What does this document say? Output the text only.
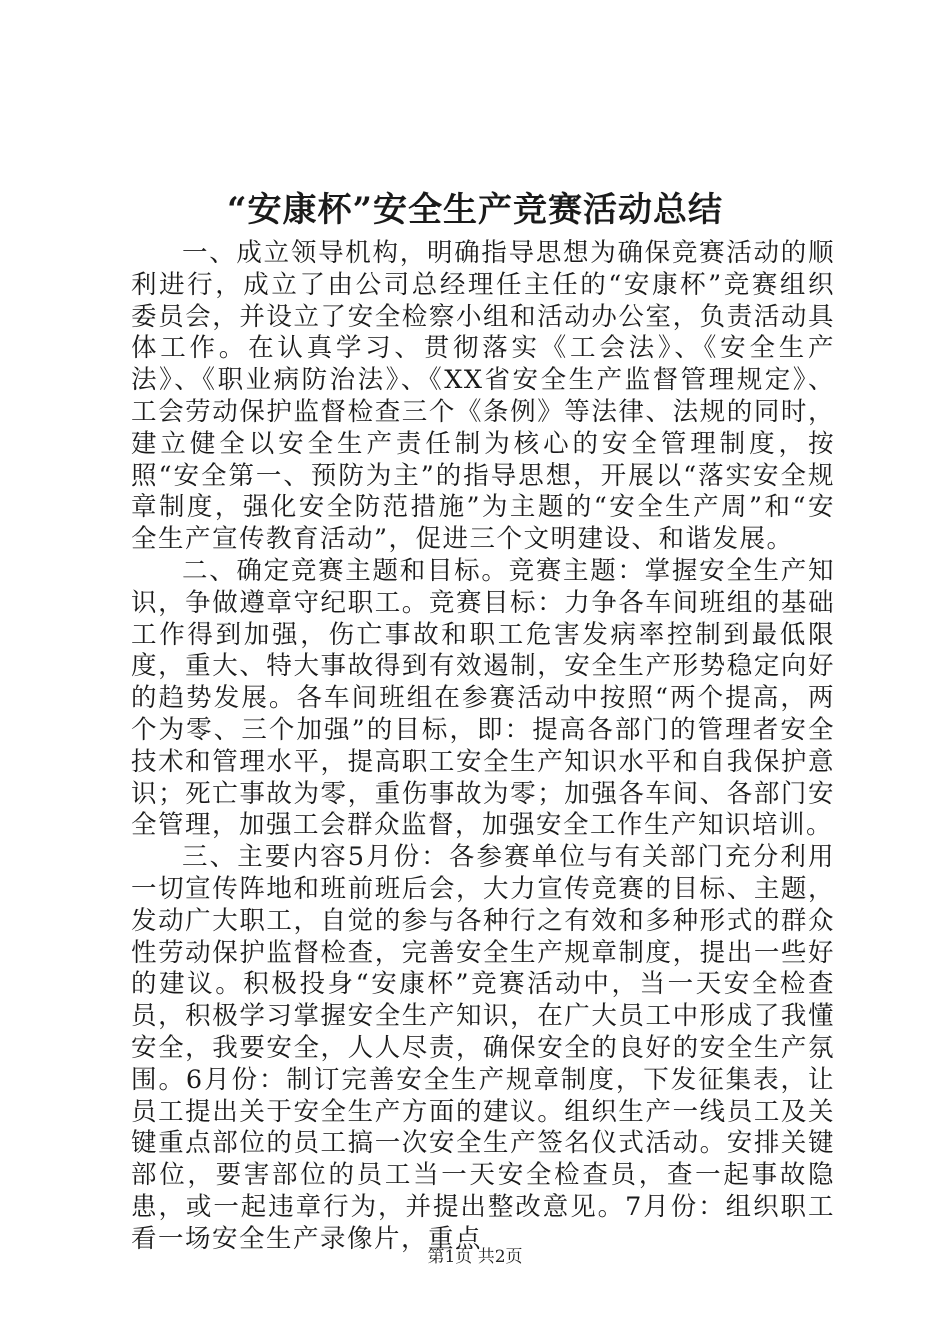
“安康杯”安全生产竞赛活动总结

一、成立领导机构，明确指导思想为确保竞赛活动的顺利进行，成立了由公司总经理任主任的“安康杯”竞赛组织委员会，并设立了安全检察小组和活动办公室，负责活动具体工作。在认真学习、贯彻落实《工会法》、《安全生产法》、《职业病防治法》、《XX省安全生产监督管理规定》、工会劳动保护监督检查三个《条例》等法律、法规的同时，建立健全以安全生产责任制为核心的安全管理制度，按照“安全第一、预防为主”的指导思想，开展以“落实安全规章制度，强化安全防范措施”为主题的“安全生产周”和“安全生产宣传教育活动”，促进三个文明建设、和谐发展。

二、确定竞赛主题和目标。竞赛主题：掌握安全生产知识，争做遵章守纪职工。竞赛目标：力争各车间班组的基础工作得到加强，伤亡事故和职工危害发病率控制到最低限度，重大、特大事故得到有效遏制，安全生产形势稳定向好的趋势发展。各车间班组在参赛活动中按照“两个提高，两个为零、三个加强”的目标，即：提高各部门的管理者安全技术和管理水平，提高职工安全生产知识水平和自我保护意识；死亡事故为零，重伤事故为零；加强各车间、各部门安全管理，加强工会群众监督，加强安全工作生产知识培训。

三、主要内容5月份：各参赛单位与有关部门充分利用一切宣传阵地和班前班后会，大力宣传竞赛的目标、主题，发动广大职工，自觉的参与各种行之有效和多种形式的群众性劳动保护监督检查，完善安全生产规章制度，提出一些好的建议。积极投身“安康杯”竞赛活动中，当一天安全检查员，积极学习掌握安全生产知识，在广大员工中形成了我懂安全，我要安全，人人尽责，确保安全的良好的安全生产氛围。6月份：制订完善安全生产规章制度，下发征集表，让员工提出关于安全生产方面的建议。组织生产一线员工及关键重点部位的员工搞一次安全生产签名仪式活动。安排关键部位，要害部位的员工当一天安全检查员，查一起事故隐患，或一起违章行为，并提出整改意见。7月份：组织职工看一场安全生产录像片，重点

第1页 共2页
